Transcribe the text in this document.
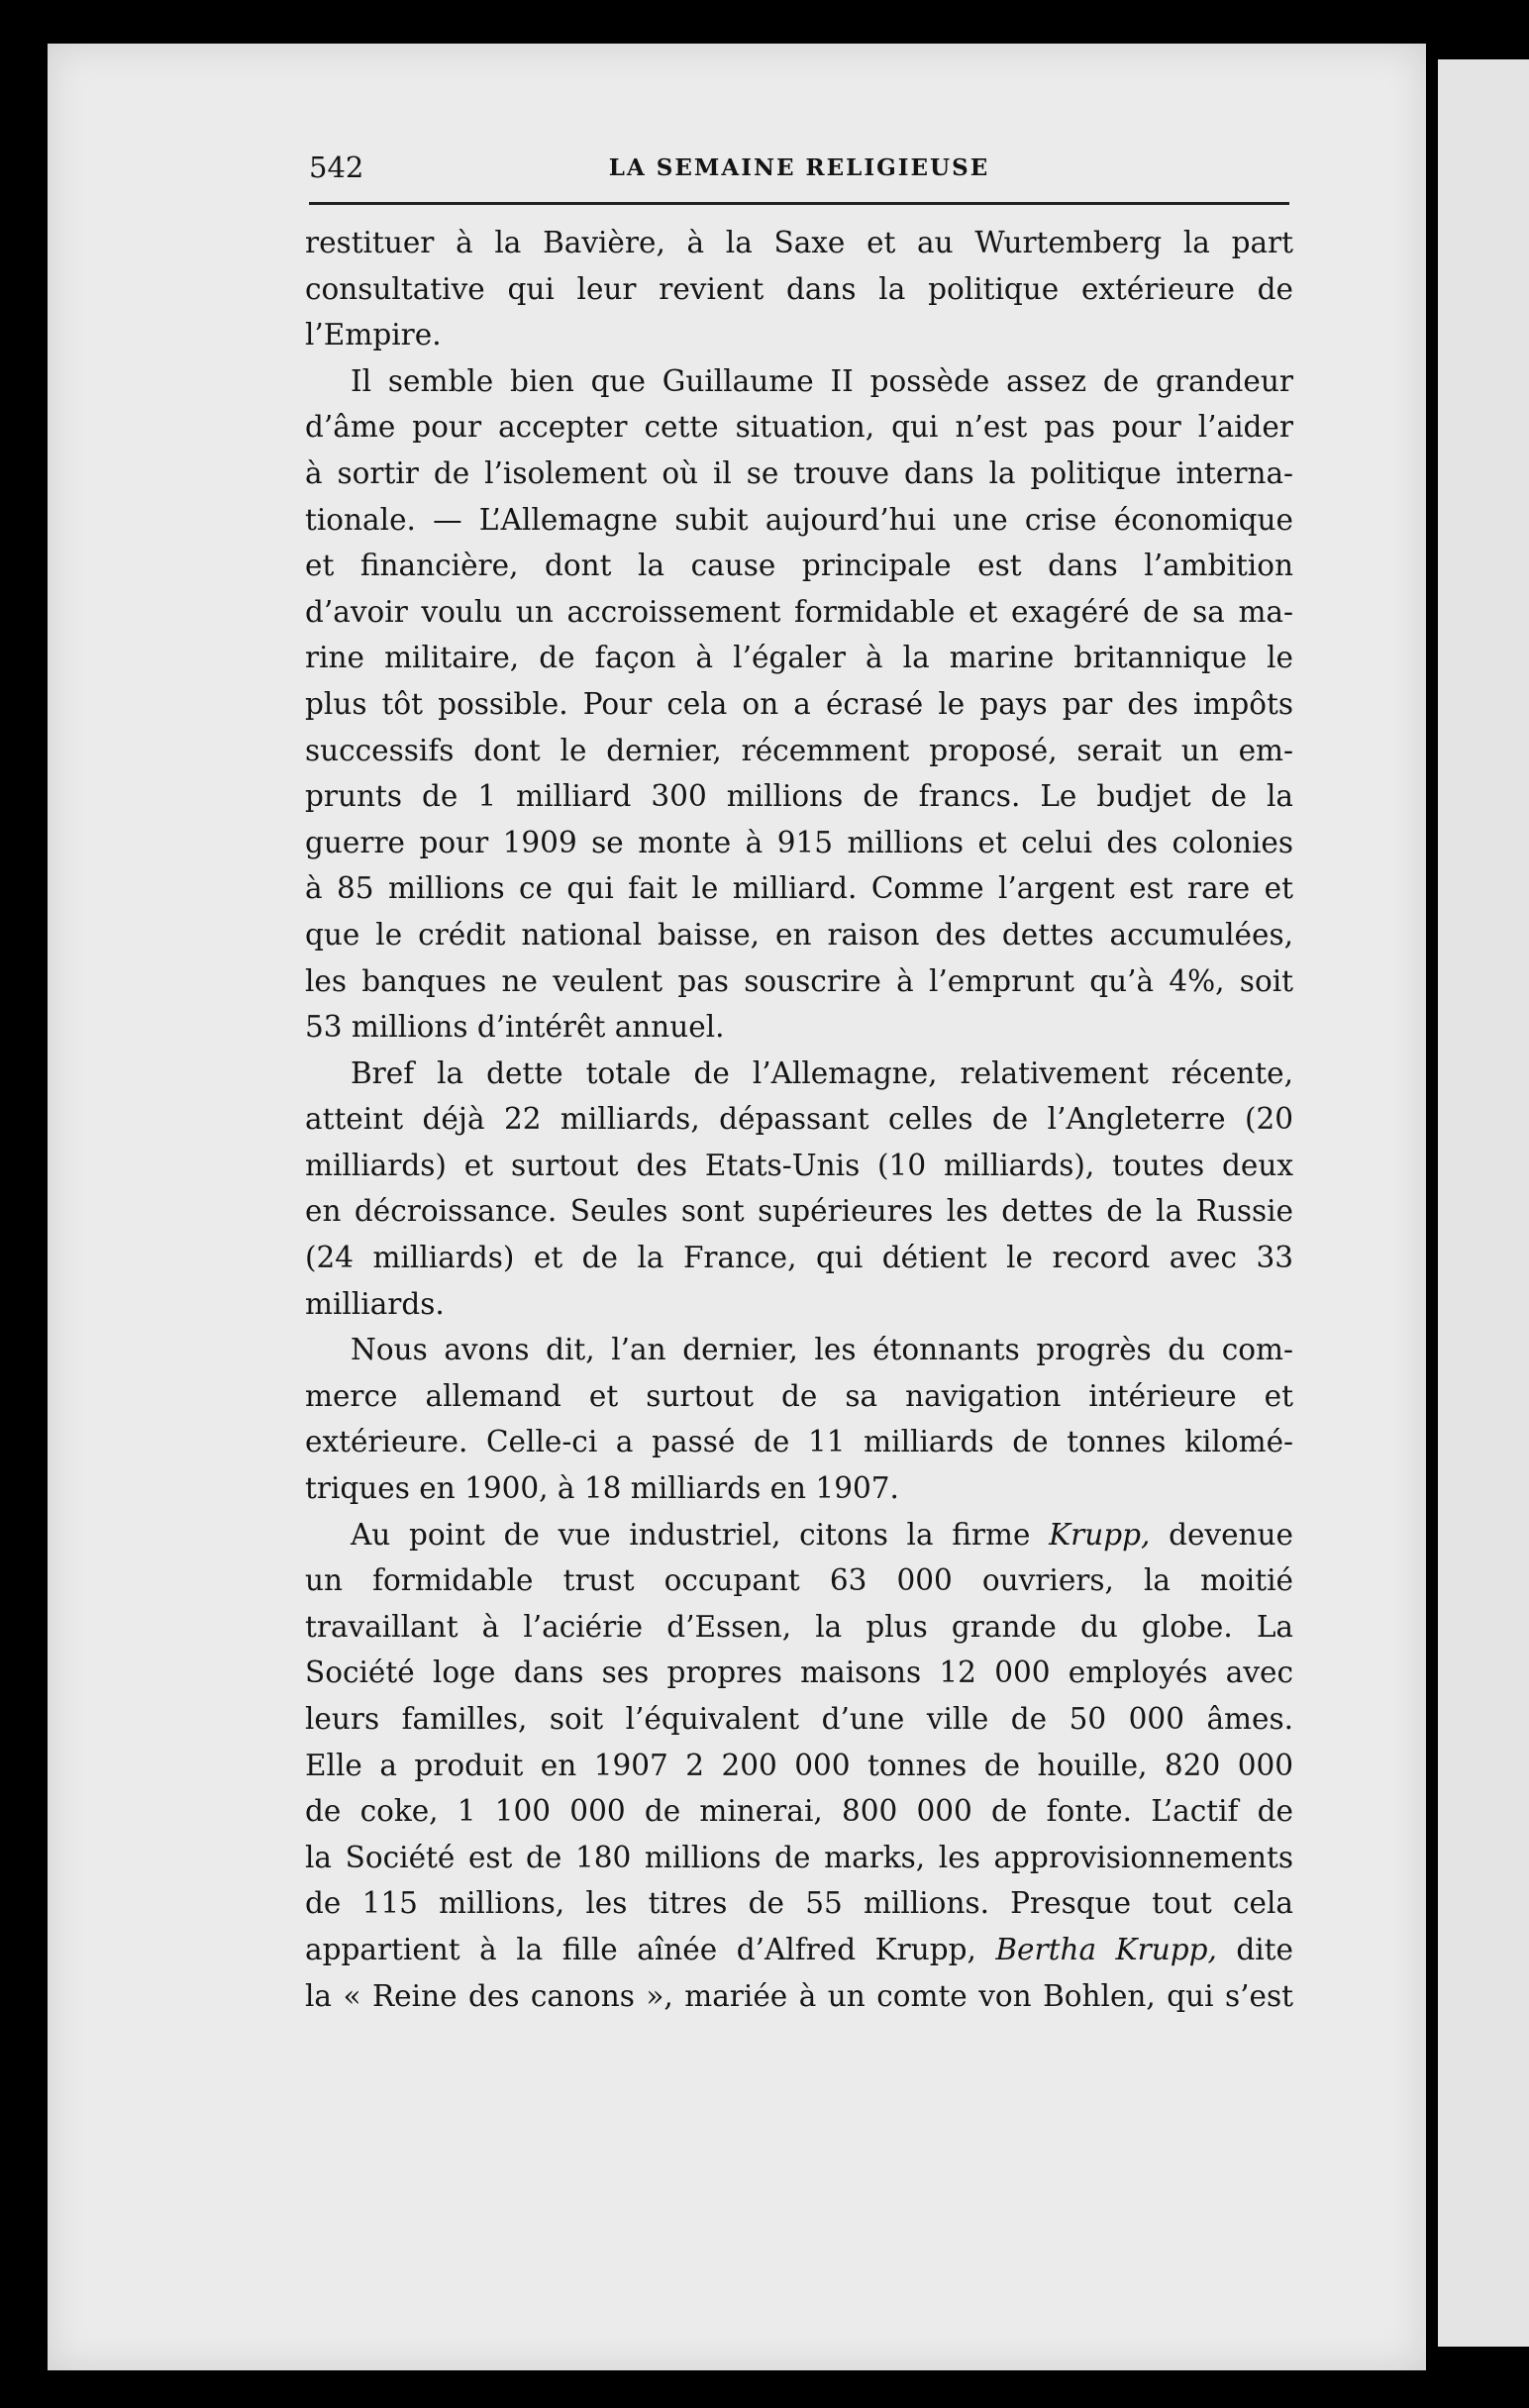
542	LA SEMAINE RELIGIEUSE
restituer à la Bavière, à la Saxe et au Wurtemberg la part
consultative qui leur revient dans la politique extérieure de
l’Empire.
Il semble bien que Guillaume II possède assez de grandeur
d’âme pour accepter cette situation, qui n’est pas pour l’aider
à sortir de l’isolement où il se trouve dans la politique interna-
tionale. — L’Allemagne subit aujourd’hui une crise économique
et financière, dont la cause principale est dans l’ambition
d’avoir voulu un accroissement formidable et exagéré de sa ma-
rine militaire, de façon à l’égaler à la marine britannique le
plus tôt possible. Pour cela on a écrasé le pays par des impôts
successifs dont le dernier, récemment proposé, serait un em-
prunts de 1 milliard 300 millions de francs. Le budjet de la
guerre pour 1909 se monte à 915 millions et celui des colonies
à 85 millions ce qui fait le milliard. Comme l’argent est rare et
que le crédit national baisse, en raison des dettes accumulées,
les banques ne veulent pas souscrire à l’emprunt qu’à 4%, soit
53 millions d’intérêt annuel.
Bref la dette totale de l’Allemagne, relativement récente,
atteint déjà 22 milliards, dépassant celles de l’Angleterre (20
milliards) et surtout des Etats-Unis (10 milliards), toutes deux
en décroissance. Seules sont supérieures les dettes de la Russie
(24 milliards) et de la France, qui détient le record avec 33
milliards.
Nous avons dit, l’an dernier, les étonnants progrès du com-
merce allemand et surtout de sa navigation intérieure et
extérieure. Celle-ci a passé de 11 milliards de tonnes kilomé-
triques en 1900, à 18 milliards en 1907.
Au point de vue industriel, citons la firme Krupp, devenue
un formidable trust occupant 63 000 ouvriers, la moitié
travaillant à l’aciérie d’Essen, la plus grande du globe. La
Société loge dans ses propres maisons 12 000 employés avec
leurs familles, soit l’équivalent d’une ville de 50 000 âmes.
Elle a produit en 1907 2 200 000 tonnes de houille, 820 000
de coke, 1 100 000 de minerai, 800 000 de fonte. L’actif de
la Société est de 180 millions de marks, les approvisionnements
de 115 millions, les titres de 55 millions. Presque tout cela
appartient à la fille aînée d’Alfred Krupp, Bertha Krupp, dite
la « Reine des canons », mariée à un comte von Bohlen, qui s’est
